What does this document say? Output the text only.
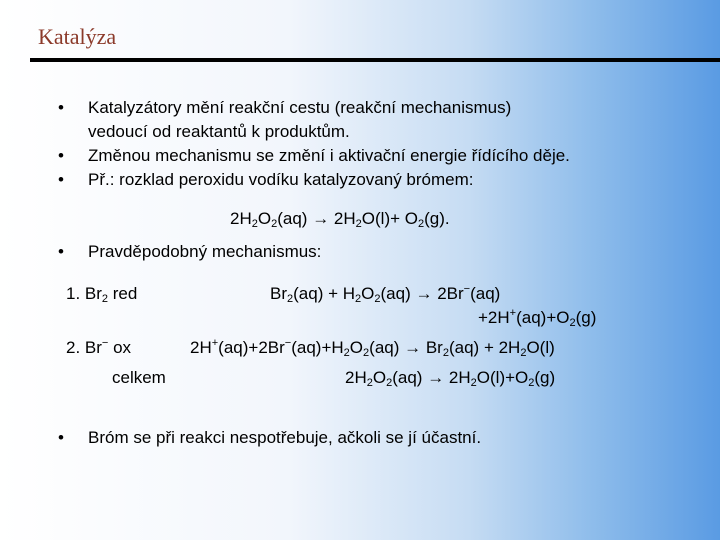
Katalýza
• Katalyzátory mění reakční cestu (reakční mechanismus)
vedoucí od reaktantů k produktům.
• Změnou mechanismu se změní i aktivační energie řídícího děje.
• Př.: rozklad peroxidu vodíku katalyzovaný brómem:
$2H_2O_2(aq) \to 2H_2O(l)+ O_2(g)$.
• Pravděpodobný mechanismus:
1. $Br_2$ red	$Br_2(aq) + H_2O_2(aq) \to 2Br^-(aq)$
$+2H^+(aq)+O_2(g)$
2. Br− ox	$2H^+(aq)+2Br^-(aq)+H_2O_2(aq) \to Br_2(aq) + 2H_2O(l)$
celkem	$2H_2O_2(aq) \to 2H_2O(l)+O_2(g)$
• Bróm se při reakci nespotřebuje, ačkoli se jí účastní.
